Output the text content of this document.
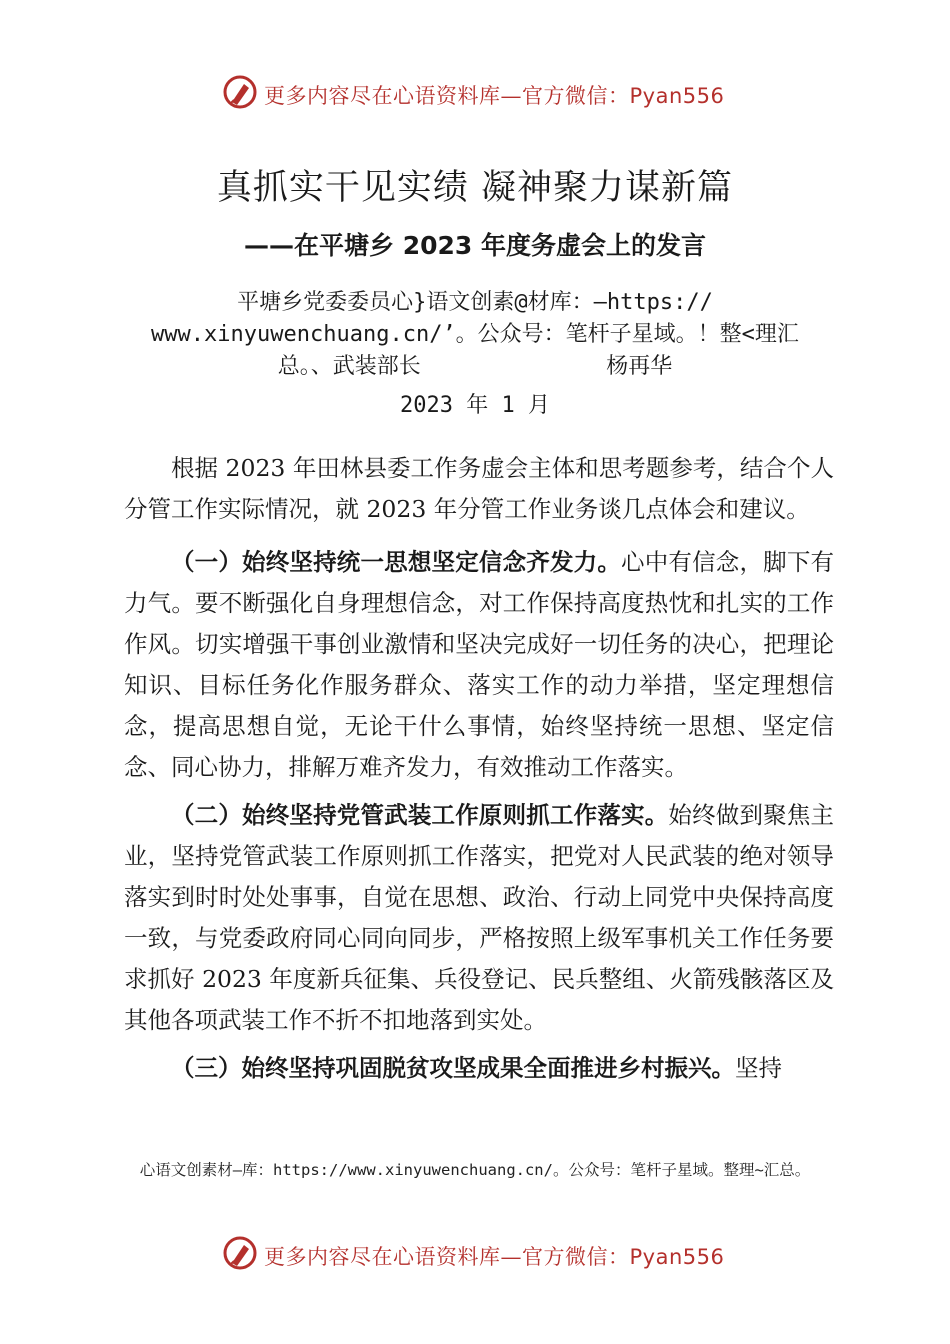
更多内容尽在心语资料库—官方微信：Pyan556
真抓实干见实绩 凝神聚力谋新篇
——在平塘乡 2023 年度务虚会上的发言
平塘乡党委委员心}语文创素@材库：—https://
www.xinyuwenchuang.cn/’。公众号：笔杆子星域。！整<理汇
总。、武装部长              杨再华
2023 年 1 月

根据 2023 年田林县委工作务虚会主体和思考题参考，结合个人分管工作实际情况，就 2023 年分管工作业务谈几点体会和建议。

（一）始终坚持统一思想坚定信念齐发力。心中有信念，脚下有力气。要不断强化自身理想信念，对工作保持高度热忱和扎实的工作作风。切实增强干事创业激情和坚决完成好一切任务的决心，把理论知识、目标任务化作服务群众、落实工作的动力举措，坚定理想信念，提高思想自觉，无论干什么事情，始终坚持统一思想、坚定信念、同心协力，排解万难齐发力，有效推动工作落实。

（二）始终坚持党管武装工作原则抓工作落实。始终做到聚焦主业，坚持党管武装工作原则抓工作落实，把党对人民武装的绝对领导落实到时时处处事事，自觉在思想、政治、行动上同党中央保持高度一致，与党委政府同心同向同步，严格按照上级军事机关工作任务要求抓好 2023 年度新兵征集、兵役登记、民兵整组、火箭残骸落区及其他各项武装工作不折不扣地落到实处。

（三）始终坚持巩固脱贫攻坚成果全面推进乡村振兴。坚持

心语文创素材—库：https://www.xinyuwenchuang.cn/。公众号：笔杆子星域。整理~汇总。
更多内容尽在心语资料库—官方微信：Pyan556
